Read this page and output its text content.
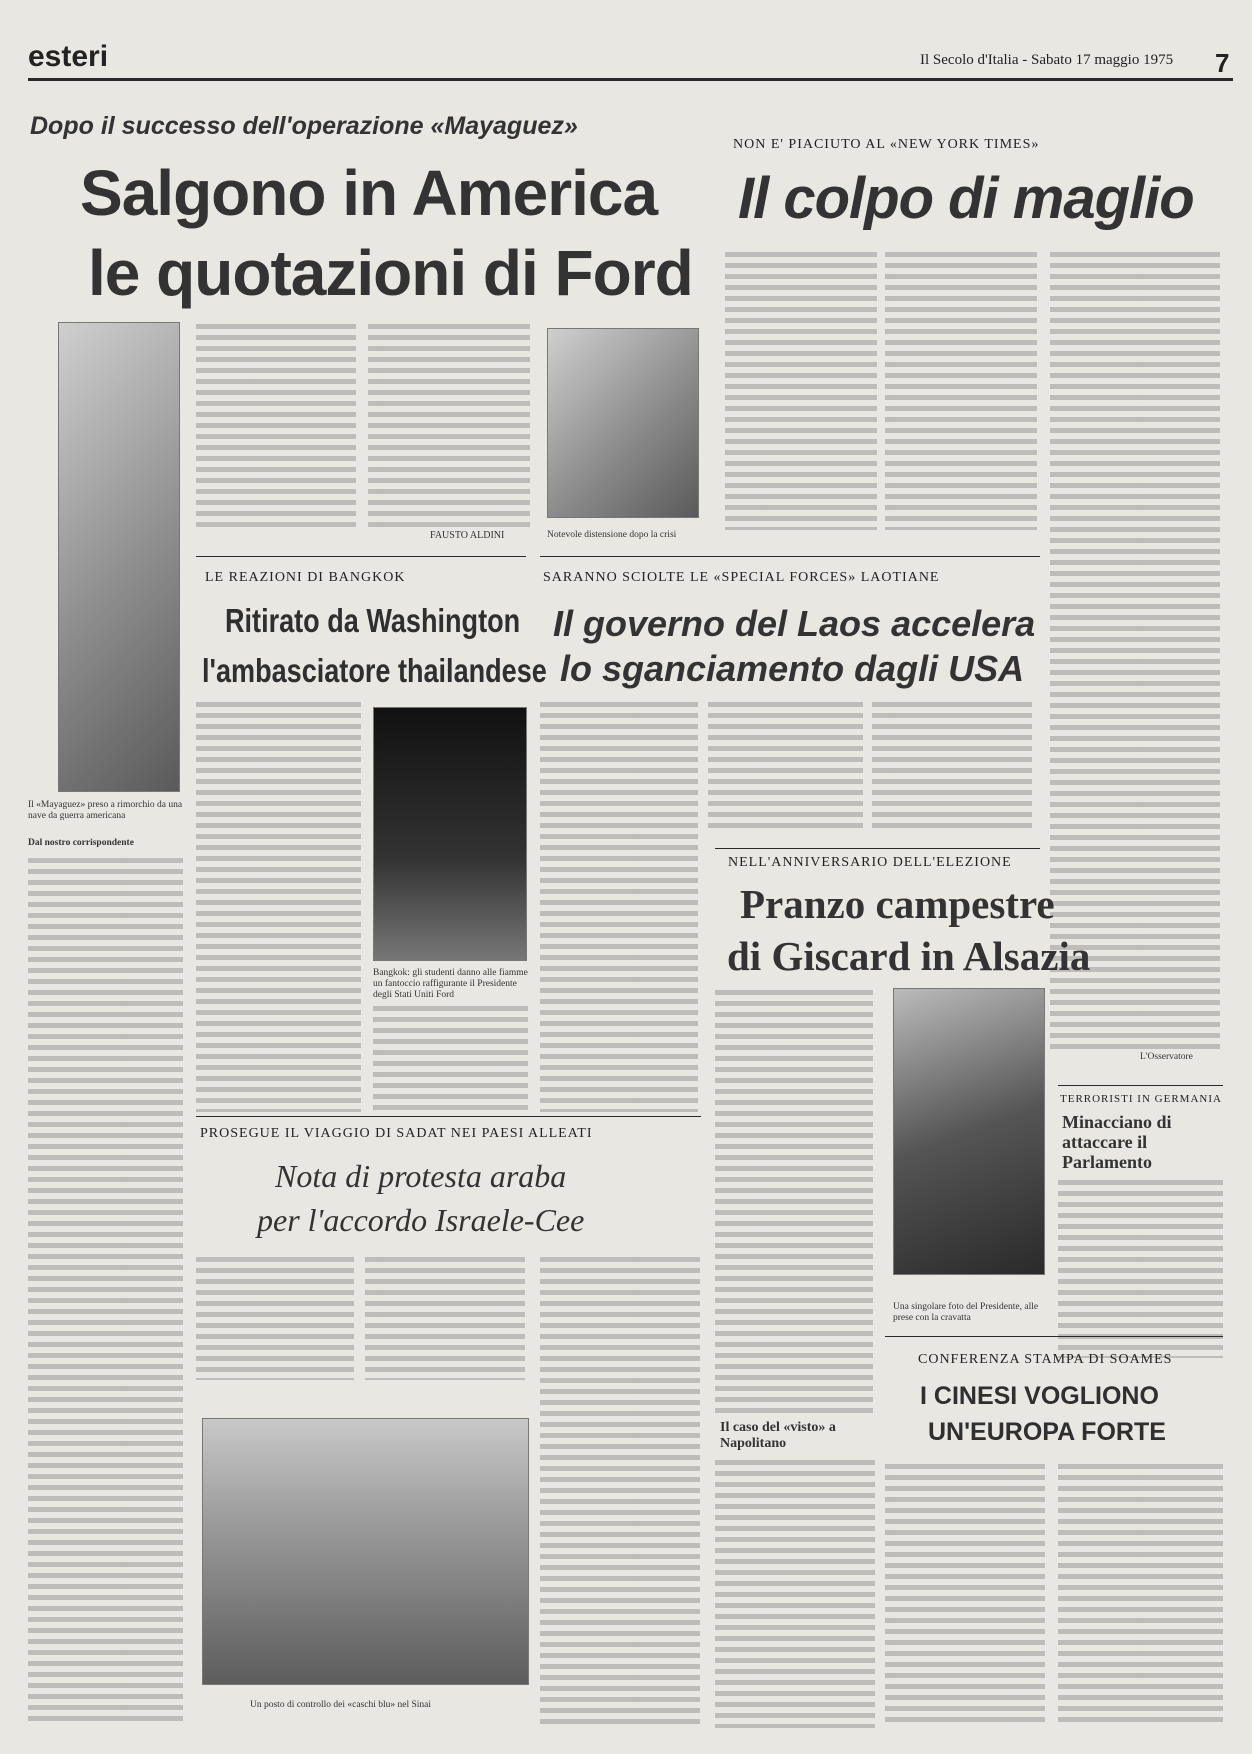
esteri	Il Secolo d'Italia - Sabato 17 maggio 1975 7
Dopo il successo dell'operazione «Mayaguez»
Salgono in America
le quotazioni di Ford
Il «Mayaguez» preso a rimorchio da una nave da guerra americana
Dal nostro corrispondente
FAUSTO ALDINI	Notevole distensione dopo la crisi
NON E' PIACIUTO AL «NEW YORK TIMES»
Il colpo di maglio
L'Osservatore
LE REAZIONI DI BANGKOK
Ritirato da Washington
l'ambasciatore thailandese
Bangkok: gli studenti danno alle fiamme un fantoccio raffigurante il Presidente degli Stati Uniti Ford
SARANNO SCIOLTE LE «SPECIAL FORCES» LAOTIANE
Il governo del Laos accelera
lo sganciamento dagli USA
NELL'ANNIVERSARIO DELL'ELEZIONE
Pranzo campestre
di Giscard in Alsazia
Una singolare foto del Presidente, alle prese con la cravatta
TERRORISTI IN GERMANIA
Minacciano di attaccare il Parlamento
PROSEGUE IL VIAGGIO DI SADAT NEI PAESI ALLEATI
Nota di protesta araba
per l'accordo Israele-Cee
Un posto di controllo dei «caschi blu» nel Sinai
Il caso del «visto» a Napolitano
CONFERENZA STAMPA DI SOAMES
I CINESI VOGLIONO
UN'EUROPA FORTE
